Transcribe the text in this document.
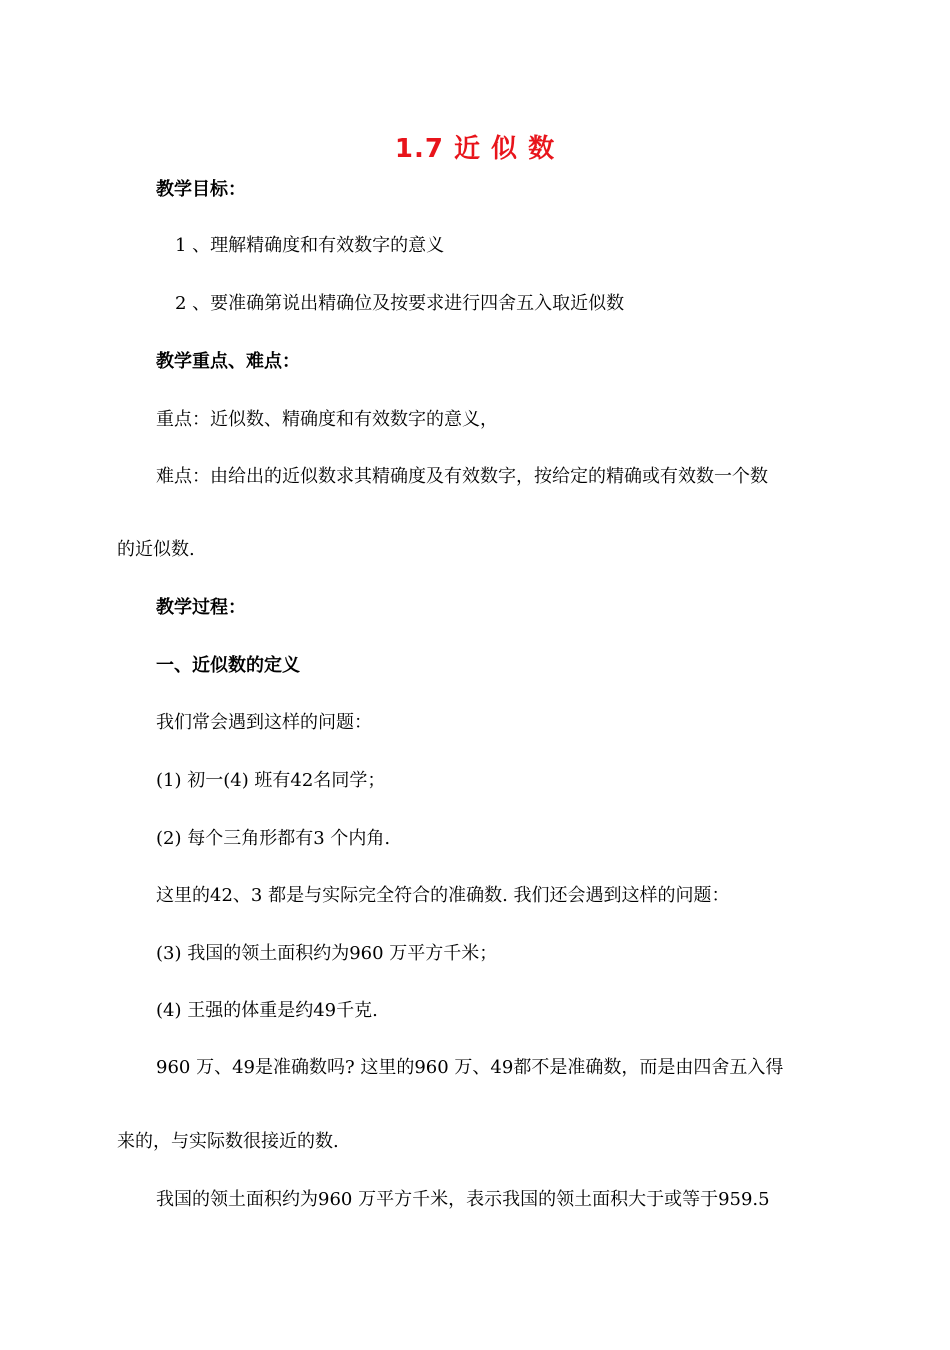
1.7 近 似 数
教学目标：
1 、理解精确度和有效数字的意义
2 、要准确第说出精确位及按要求进行四舍五入取近似数
教学重点、难点：
重点：近似数、精确度和有效数字的意义，
难点：由给出的近似数求其精确度及有效数字，按给定的精确或有效数一个数
的近似数.
教学过程：
一、近似数的定义
我们常会遇到这样的问题：
(1) 初一(4) 班有42名同学；
(2) 每个三角形都有3 个内角.
这里的42、3 都是与实际完全符合的准确数. 我们还会遇到这样的问题：
(3) 我国的领土面积约为960 万平方千米；
(4) 王强的体重是约49千克.
960 万、49是准确数吗? 这里的960 万、49都不是准确数，而是由四舍五入得
来的，与实际数很接近的数.
我国的领土面积约为960 万平方千米，表示我国的领土面积大于或等于959.5
